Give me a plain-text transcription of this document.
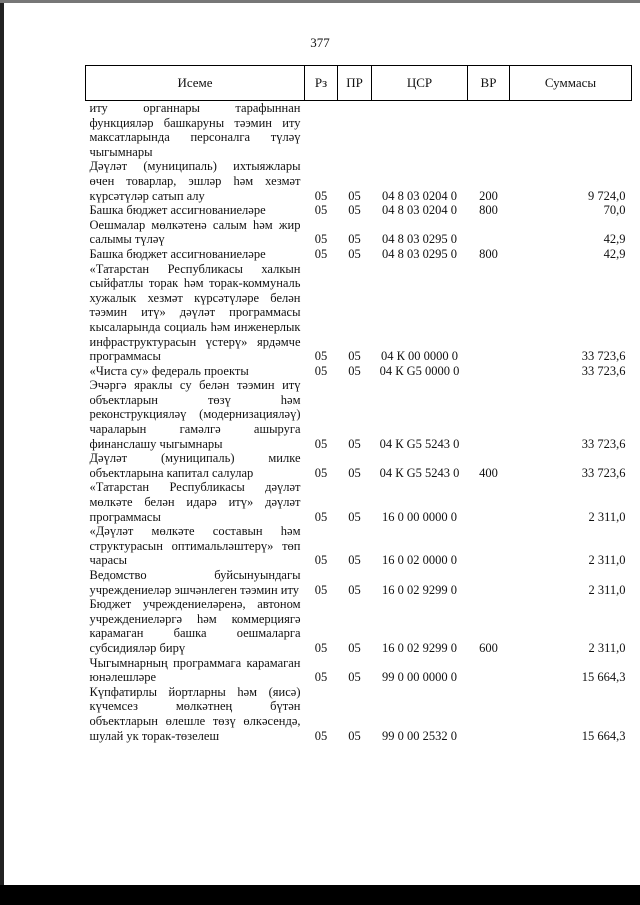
377
Исеме	Рз	ПР	ЦСР	ВР	Суммасы
иту органнары тарафыннан функцияләр башкаруны тәэмин иту максатларында персоналга түләү чыгымнары					
Дәүләт (муниципаль) ихтыяжлары өчен товарлар, эшләр һәм хезмәт күрсәтүләр сатып алу	05	05	04 8 03 0204 0	200	9 724,0
Башка бюджет ассигнованиеләре	05	05	04 8 03 0204 0	800	70,0
Оешмалар мөлкәтенә салым һәм жир салымы түләү	05	05	04 8 03 0295 0		42,9
Башка бюджет ассигнованиеләре	05	05	04 8 03 0295 0	800	42,9
«Татарстан Республикасы халкын сыйфатлы торак һәм торак-коммуналь хужалык хезмәт күрсәтүләре белән тәэмин итү» дәүләт программасы кысаларында социаль һәм инженерлык инфраструктурасын үстерү» ярдәмче программасы	05	05	04 К 00 0000 0		33 723,6
«Чиста су» федераль проекты	05	05	04 К G5 0000 0		33 723,6
Эчәргә яраклы су белән тәэмин итү объектларын төзү һәм реконструкцияләү (модернизацияләү) чараларын гамәлгә ашыруга финанслашу чыгымнары	05	05	04 К G5 5243 0		33 723,6
Дәүләт (муниципаль) милке объектларына капитал салулар	05	05	04 К G5 5243 0	400	33 723,6
«Татарстан Республикасы дәүләт мөлкәте белән идарә итү» дәүләт программасы	05	05	16 0 00 0000 0		2 311,0
«Дәүләт мөлкәте составын һәм структурасын оптимальләштерү» төп чарасы	05	05	16 0 02 0000 0		2 311,0
Ведомство буйсынуындагы учреждениеләр эшчәнлеген тәэмин иту	05	05	16 0 02 9299 0		2 311,0
Бюджет учреждениеләренә, автоном учреждениеләргә һәм коммерциягә карамаган башка оешмаларга субсидияләр бирү	05	05	16 0 02 9299 0	600	2 311,0
Чыгымнарның программага карамаган юнәлешләре	05	05	99 0 00 0000 0		15 664,3
Күпфатирлы йортларны һәм (яисә) күчемсез мөлкәтнең бүтән объектларын өлешле төзү өлкәсендә, шулай ук торак-төзелеш	05	05	99 0 00 2532 0		15 664,3
